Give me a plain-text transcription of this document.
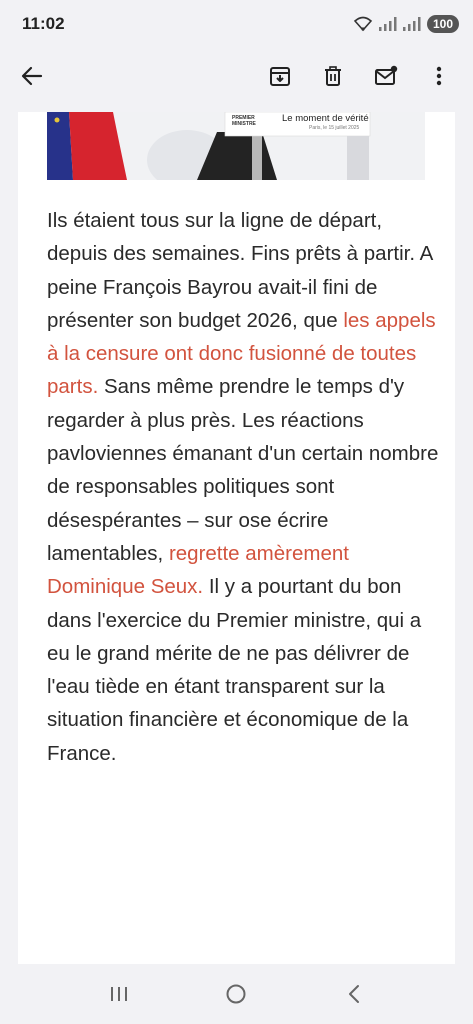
11:02	100
PREMIER
MINISTRE	Le moment de vérité
Paris, le 15 juillet 2025

Ils étaient tous sur la ligne de départ, depuis des semaines. Fins prêts à partir. A peine François Bayrou avait-il fini de présenter son budget 2026, que les appels à la censure ont donc fusionné de toutes parts. Sans même prendre le temps d'y regarder à plus près. Les réactions pavloviennes émanant d'un certain nombre de responsables politiques sont désespérantes – sur ose écrire lamentables, regrette amèrement Dominique Seux. Il y a pourtant du bon dans l'exercice du Premier ministre, qui a eu le grand mérite de ne pas délivrer de l'eau tiède en étant transparent sur la situation financière et économique de la France.
